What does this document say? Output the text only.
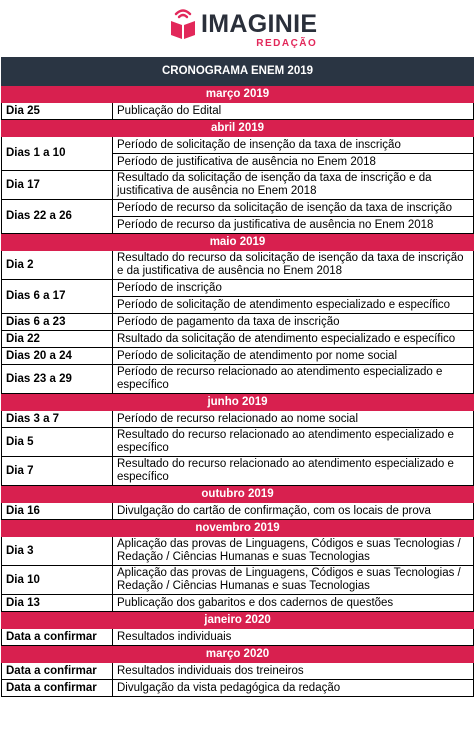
IMAGINIE
REDAÇÃO
CRONOGRAMA ENEM 2019	
março 2019	
Dia 25	Publicação do Edital
abril 2019	
Dias 1 a 10	Período de solicitação de insenção da taxa de inscrição
	Período de justificativa de ausência no Enem 2018
Dia 17	Resultado da solicitação de isenção da taxa de inscrição e da justificativa de ausência no Enem 2018
Dias 22 a 26	Período de recurso da solicitação de isenção da taxa de inscrição
	Período de recurso da justificativa de ausência no Enem 2018
maio 2019	
Dia 2	Resultado do recurso da solicitação de isenção da taxa de inscrição e da justificativa de ausência no Enem 2018
Dias 6 a 17	Período de inscrição
	Período de solicitação de atendimento especializado e específico
Dias 6 a 23	Período de pagamento da taxa de inscrição
Dia 22	Rsultado da solicitação de atendimento especializado e específico
Dias 20 a 24	Período de solicitação de atendimento por nome social
Dias 23 a 29	Período de recurso relacionado ao atendimento especializado e específico
junho 2019	
Dias 3 a 7	Período de recurso relacionado ao nome social
Dia 5	Resultado do recurso relacionado ao atendimento especializado e específico
Dia 7	Resultado do recurso relacionado ao atendimento especializado e específico
outubro 2019	
Dia 16	Divulgação do cartão de confirmação, com os locais de prova
novembro 2019	
Dia 3	Aplicação das provas de Linguagens, Códigos e suas Tecnologias / Redação / Ciências Humanas e suas Tecnologias
Dia 10	Aplicação das provas de Linguagens, Códigos e suas Tecnologias / Redação / Ciências Humanas e suas Tecnologias
Dia 13	Publicação dos gabaritos e dos cadernos de questões
janeiro 2020	
Data a confirmar	Resultados individuais
março 2020	
Data a confirmar	Resultados individuais dos treineiros
Data a confirmar	Divulgação da vista pedagógica da redação
